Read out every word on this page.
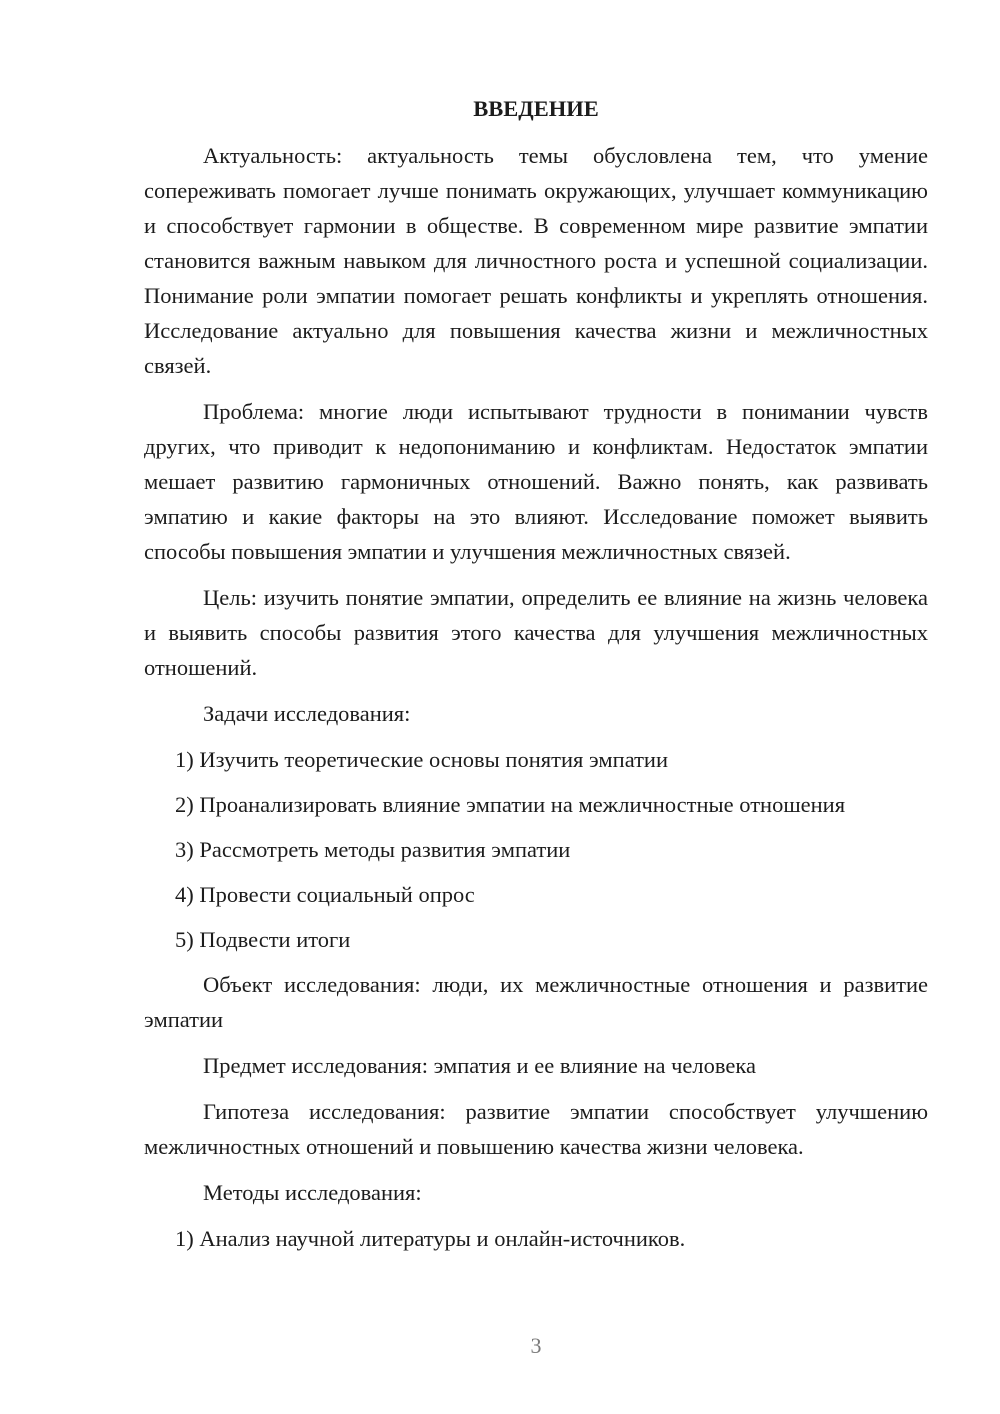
ВВЕДЕНИЕ

Актуальность: актуальность темы обусловлена тем, что умение сопереживать помогает лучше понимать окружающих, улучшает коммуникацию и способствует гармонии в обществе. В современном мире развитие эмпатии становится важным навыком для личностного роста и успешной социализации. Понимание роли эмпатии помогает решать конфликты и укреплять отношения. Исследование актуально для повышения качества жизни и межличностных связей.

Проблема: многие люди испытывают трудности в понимании чувств других, что приводит к недопониманию и конфликтам. Недостаток эмпатии мешает развитию гармоничных отношений. Важно понять, как развивать эмпатию и какие факторы на это влияют. Исследование поможет выявить способы повышения эмпатии и улучшения межличностных связей.

Цель: изучить понятие эмпатии, определить ее влияние на жизнь человека и выявить способы развития этого качества для улучшения межличностных отношений.

Задачи исследования:

1) Изучить теоретические основы понятия эмпатии

2) Проанализировать влияние эмпатии на межличностные отношения

3) Рассмотреть методы развития эмпатии

4) Провести социальный опрос

5) Подвести итоги

Объект исследования: люди, их межличностные отношения и развитие эмпатии

Предмет исследования: эмпатия и ее влияние на человека

Гипотеза исследования: развитие эмпатии способствует улучшению межличностных отношений и повышению качества жизни человека.

Методы исследования:

1) Анализ научной литературы и онлайн-источников.

3
